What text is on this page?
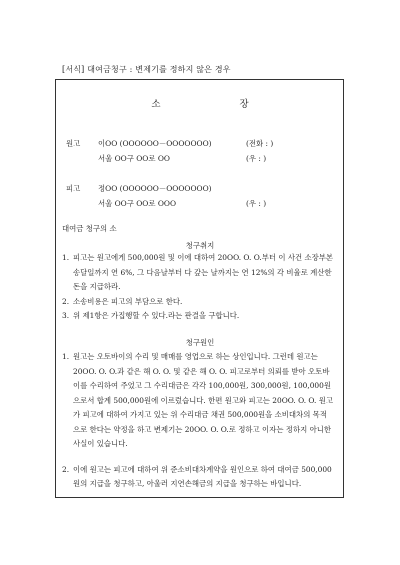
[서식] 대여금청구 : 변제기를 정하지 않은 경우
소 장
원고 이OO (OOOOOO－OOOOOOO)	(전화 : )
서울 OO구 OO로 OO	(우 : )
피고 정OO (OOOOOO－OOOOOOO)
서울 OO구 OO로 OOO	(우 : )
대여금 청구의 소
청구취지
1. 피고는 원고에게 500,000원 및 이에 대하여 20OO. O. O.부터 이 사건 소장부본 송달일까지 연 6%, 그 다음날부터 다 갚는 날까지는 연 12%의 각 비율로 계산한 돈을 지급하라.
2. 소송비용은 피고의 부담으로 한다.
3. 위 제1항은 가집행할 수 있다.라는 판결을 구합니다.
청구원인
1. 원고는 오토바이의 수리 및 매매를 영업으로 하는 상인입니다. 그런데 원고는 20OO. O. O.과 같은 해 O. O. 및 같은 해 O. O. 피고로부터 의뢰를 받아 오토바이를 수리하여 주었고 그 수리대금은 각각 100,000원, 300,000원, 100,000원으로서 합계 500,000원에 이르렀습니다. 한편 원고와 피고는 20OO. O. O. 원고가 피고에 대하여 가지고 있는 위 수리대금 채권 500,000원을 소비대차의 목적으로 한다는 약정을 하고 변제기는 20OO. O. O.로 정하고 이자는 정하지 아니한 사실이 있습니다.
2. 이에 원고는 피고에 대하여 위 준소비대차계약을 원인으로 하여 대여금 500,000원의 지급을 청구하고, 아울러 지연손해금의 지급을 청구하는 바입니다.
